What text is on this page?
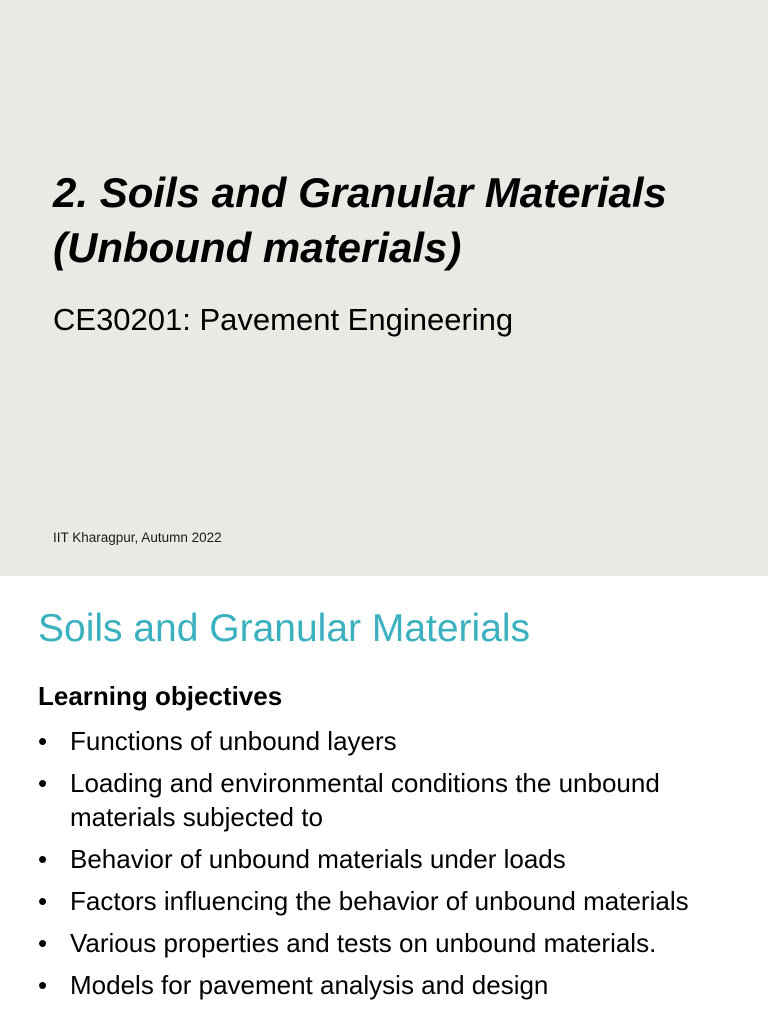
2. Soils and Granular Materials
(Unbound materials)

CE30201: Pavement Engineering

IIT Kharagpur, Autumn 2022

Soils and Granular Materials
Learning objectives
• Functions of unbound layers
• Loading and environmental conditions the unbound materials subjected to
• Behavior of unbound materials under loads
• Factors influencing the behavior of unbound materials
• Various properties and tests on unbound materials.
• Models for pavement analysis and design
